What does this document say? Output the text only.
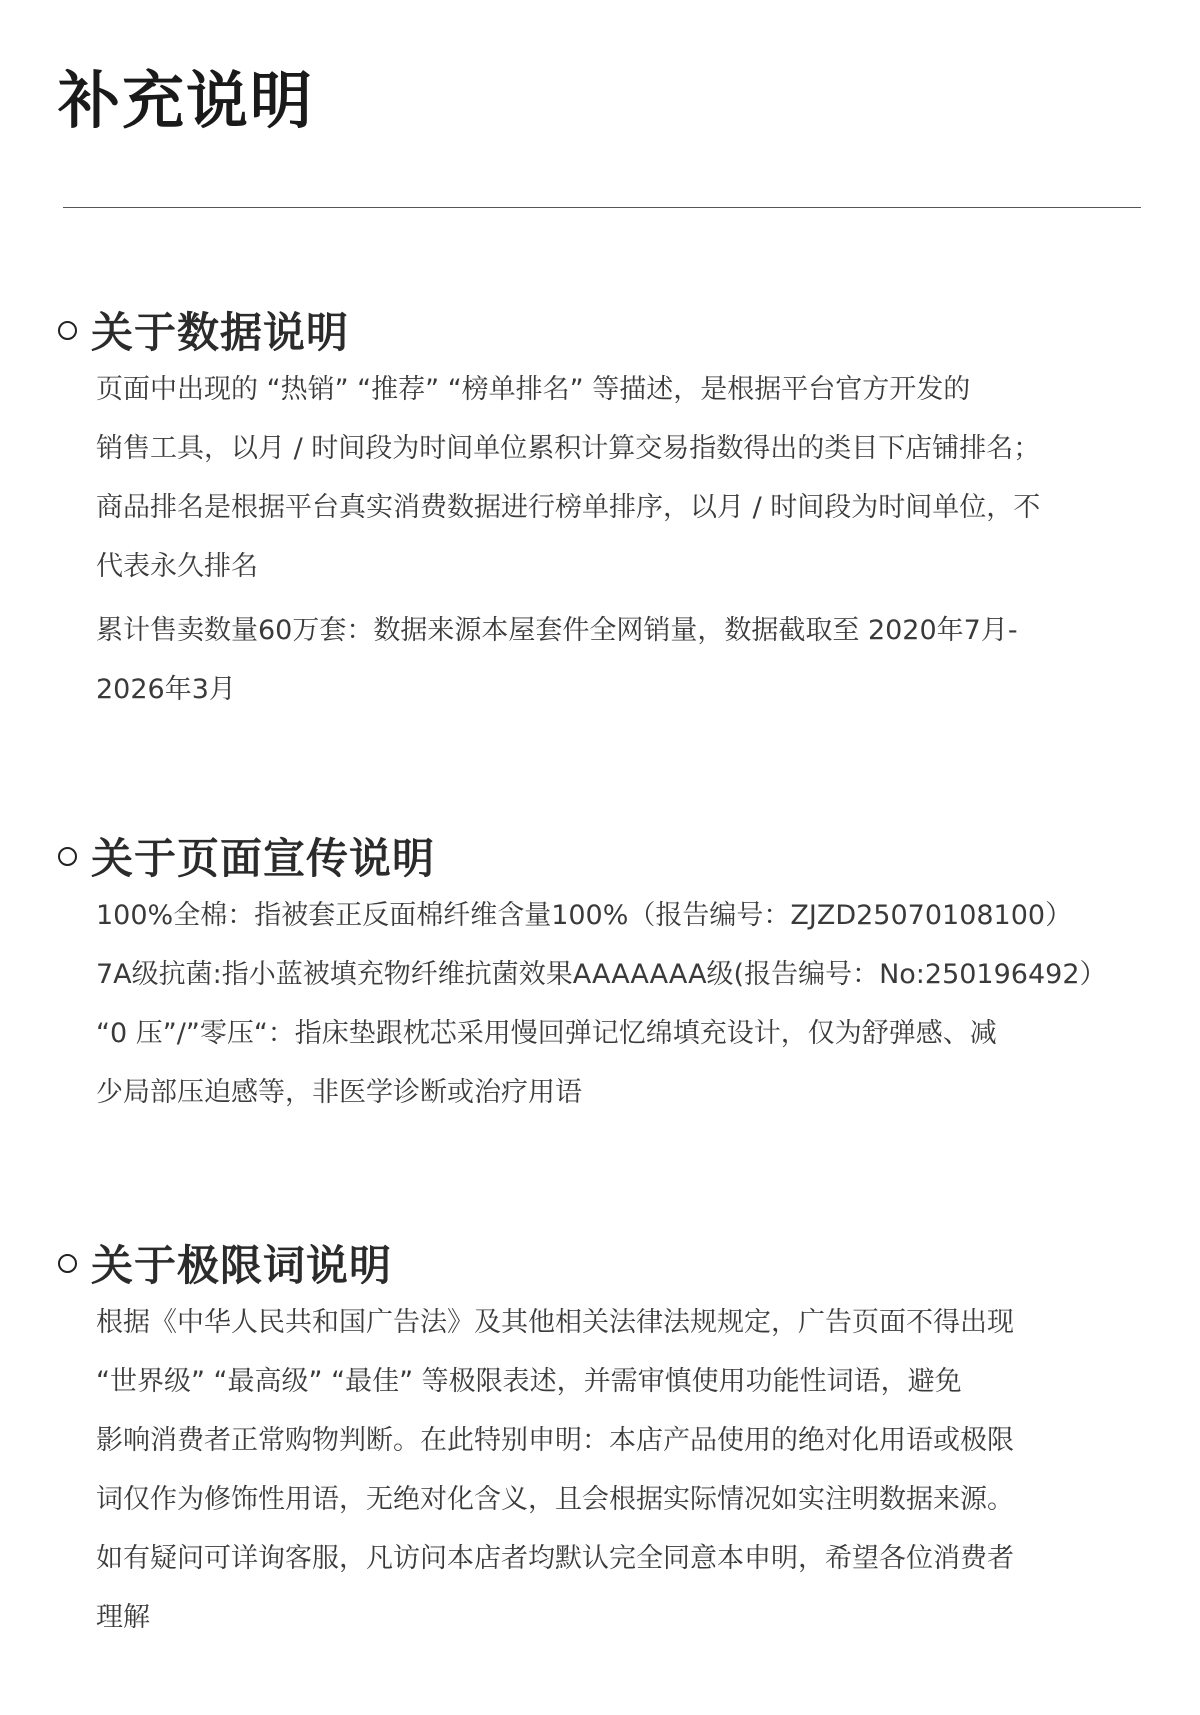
补充说明
关于数据说明

页面中出现的 “热销” “推荐” “榜单排名” 等描述，是根据平台官方开发的
销售工具，以月 / 时间段为时间单位累积计算交易指数得出的类目下店铺排名；
商品排名是根据平台真实消费数据进行榜单排序，以月 / 时间段为时间单位，不
代表永久排名

累计售卖数量60万套：数据来源本屋套件全网销量，数据截取至 2020年7月-
2026年3月

关于页面宣传说明

100%全棉：指被套正反面棉纤维含量100%（报告编号：ZJZD25070108100）
7A级抗菌:指小蓝被填充物纤维抗菌效果AAAAAAA级(报告编号：No:250196492）
“0 压”/”零压“：指床垫跟枕芯采用慢回弹记忆绵填充设计，仅为舒弹感、减
少局部压迫感等，非医学诊断或治疗用语

关于极限词说明

根据《中华人民共和国广告法》及其他相关法律法规规定，广告页面不得出现
“世界级” “最高级” “最佳” 等极限表述，并需审慎使用功能性词语，避免
影响消费者正常购物判断。在此特别申明：本店产品使用的绝对化用语或极限
词仅作为修饰性用语，无绝对化含义，且会根据实际情况如实注明数据来源。
如有疑问可详询客服，凡访问本店者均默认完全同意本申明，希望各位消费者
理解
